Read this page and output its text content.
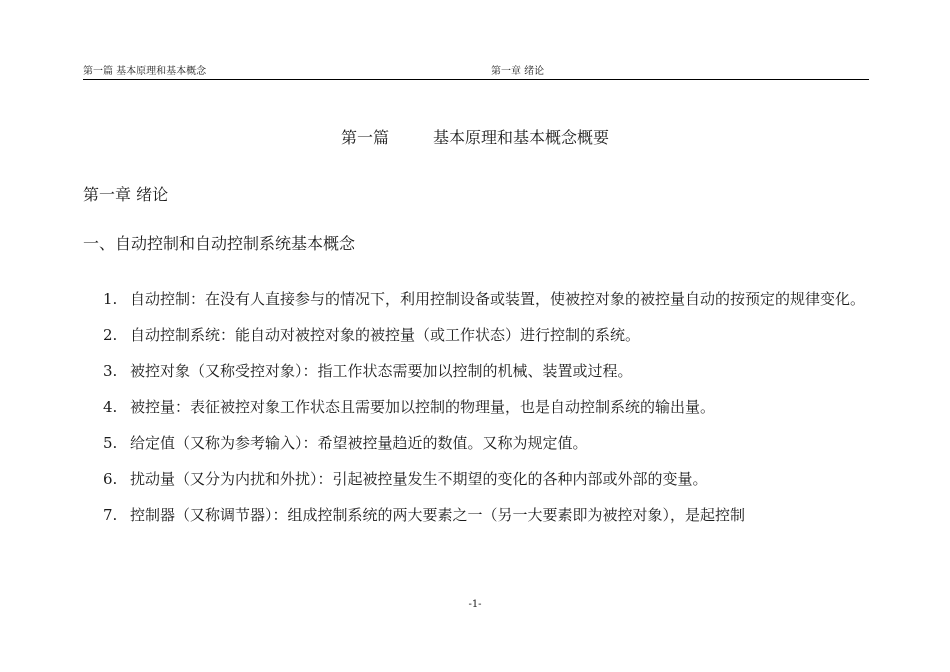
第一篇 基本原理和基本概念	第一章 绪论
第一篇	基本原理和基本概念概要
第一章 绪论
一、自动控制和自动控制系统基本概念
1. 自动控制：在没有人直接参与的情况下，利用控制设备或装置，使被控对象的被控量自动的按预定的规律变化。
2. 自动控制系统：能自动对被控对象的被控量（或工作状态）进行控制的系统。
3. 被控对象（又称受控对象）：指工作状态需要加以控制的机械、装置或过程。
4. 被控量：表征被控对象工作状态且需要加以控制的物理量，也是自动控制系统的输出量。
5. 给定值（又称为参考输入）：希望被控量趋近的数值。又称为规定值。
6. 扰动量（又分为内扰和外扰）：引起被控量发生不期望的变化的各种内部或外部的变量。
7. 控制器（又称调节器）：组成控制系统的两大要素之一（另一大要素即为被控对象），是起控制
-1-
